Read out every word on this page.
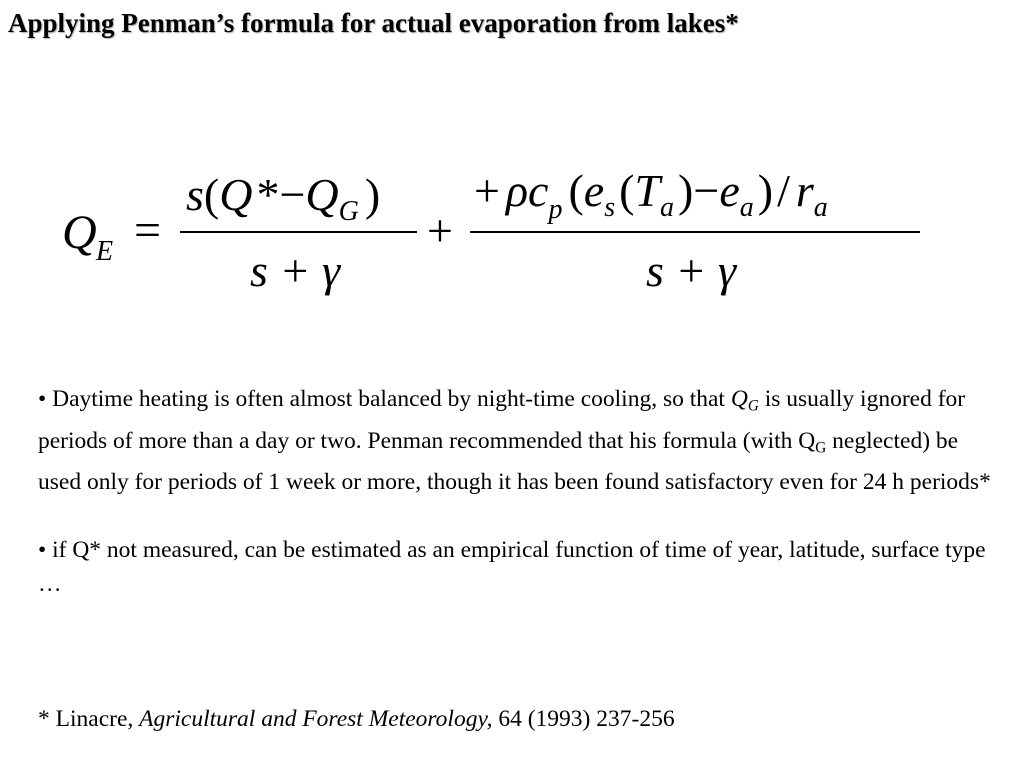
Applying Penman’s formula for actual evaporation from lakes*
Q E =
$s(Q*-Q_G$ )
s + γ
+
+ $\rho c_p$ $(e_s(T_a)-e_a)/$ $r_a$
s + γ

• Daytime heating is often almost balanced by night-time cooling, so that QG is usually ignored for periods of more than a day or two. Penman recommended that his formula (with QG neglected) be used only for periods of 1 week or more, though it has been found satisfactory even for 24 h periods*

• if Q* not measured, can be estimated as an empirical function of time of year, latitude, surface type …

* Linacre, Agricultural and Forest Meteorology, 64 (1993) 237-256
